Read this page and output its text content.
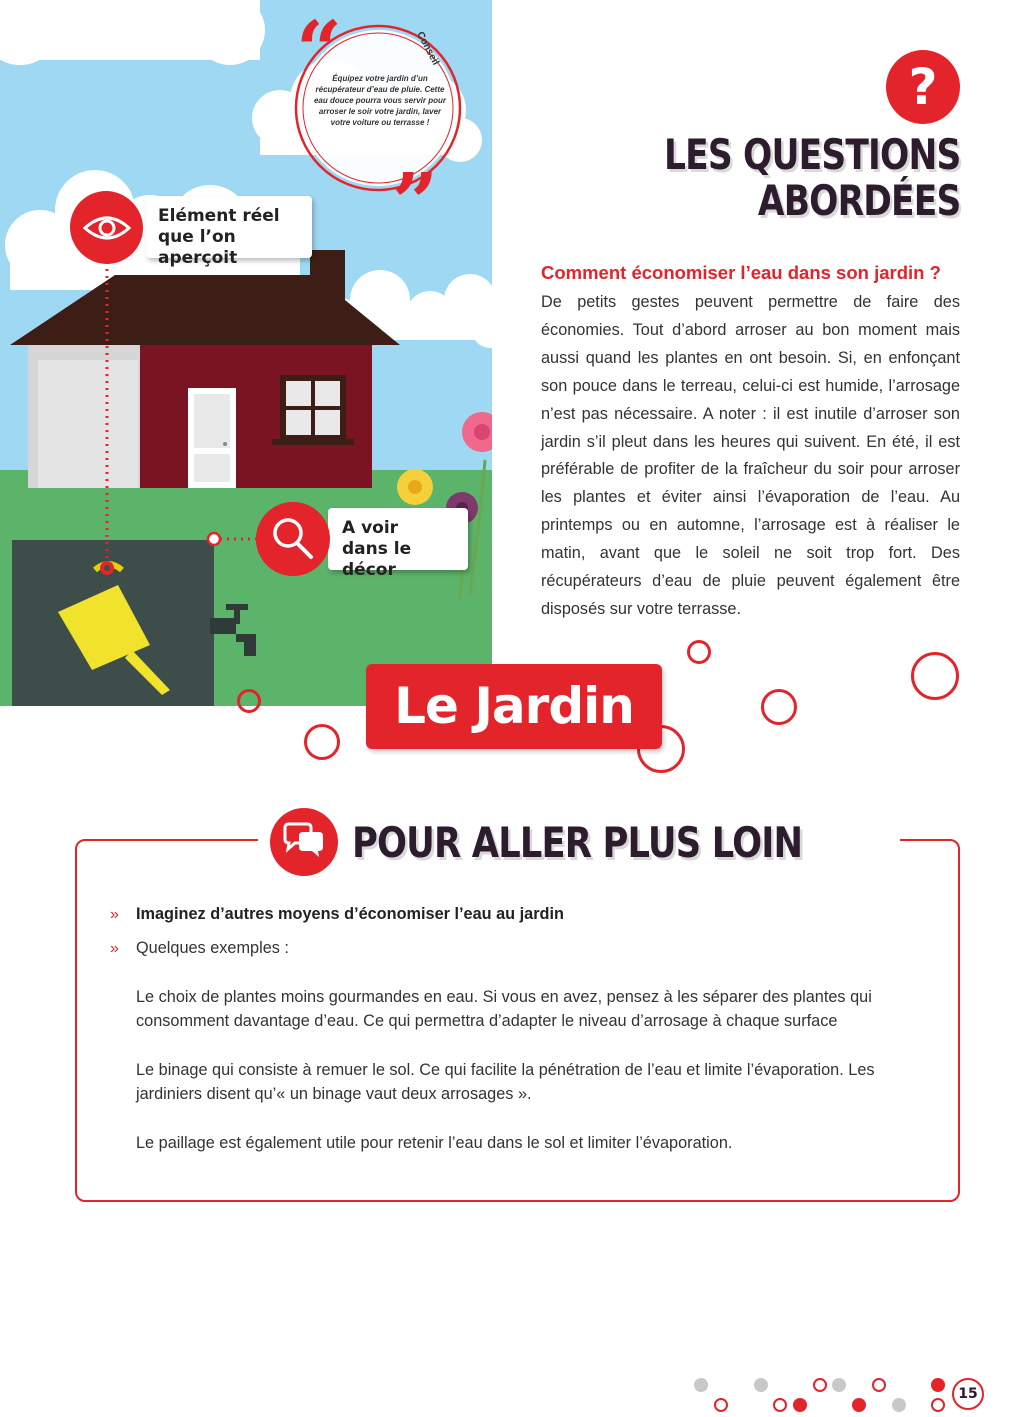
“
”
Conseil
Équipez votre jardin d’un récupérateur d’eau de pluie. Cette eau douce pourra vous servir pour arroser le soir votre jardin, laver votre voiture ou terrasse !
Elément réel
que l’on aperçoit
A voir
dans le décor
?
LES QUESTIONS
ABORDÉES
Comment économiser l’eau dans son jardin ?
De petits gestes peuvent permettre de faire des économies. Tout d’abord arroser au bon moment mais aussi quand les plantes en ont besoin. Si, en enfonçant son pouce dans le terreau, celui-ci est humide, l’arrosage n’est pas nécessaire. A noter : il est inutile d’arroser son jardin s’il pleut dans les heures qui suivent. En été, il est préférable de profiter de la fraîcheur du soir pour arroser les plantes et éviter ainsi l’évaporation de l’eau. Au printemps ou en automne, l’arrosage est à réaliser le matin, avant que le soleil ne soit trop fort. Des récupérateurs d’eau de pluie peuvent également être disposés sur votre terrasse.
Le Jardin
POUR ALLER PLUS LOIN
» Imaginez d’autres moyens d’économiser l’eau au jardin
» Quelques exemples :
Le choix de plantes moins gourmandes en eau. Si vous en avez, pensez à les séparer des plantes qui
consomment davantage d’eau. Ce qui permettra d’adapter le niveau d’arrosage à chaque surface
Le binage qui consiste à remuer le sol. Ce qui facilite la pénétration de l’eau et limite l’évaporation. Les
jardiniers disent qu’« un binage vaut deux arrosages ».
Le paillage est également utile pour retenir l’eau dans le sol et limiter l’évaporation.
15
